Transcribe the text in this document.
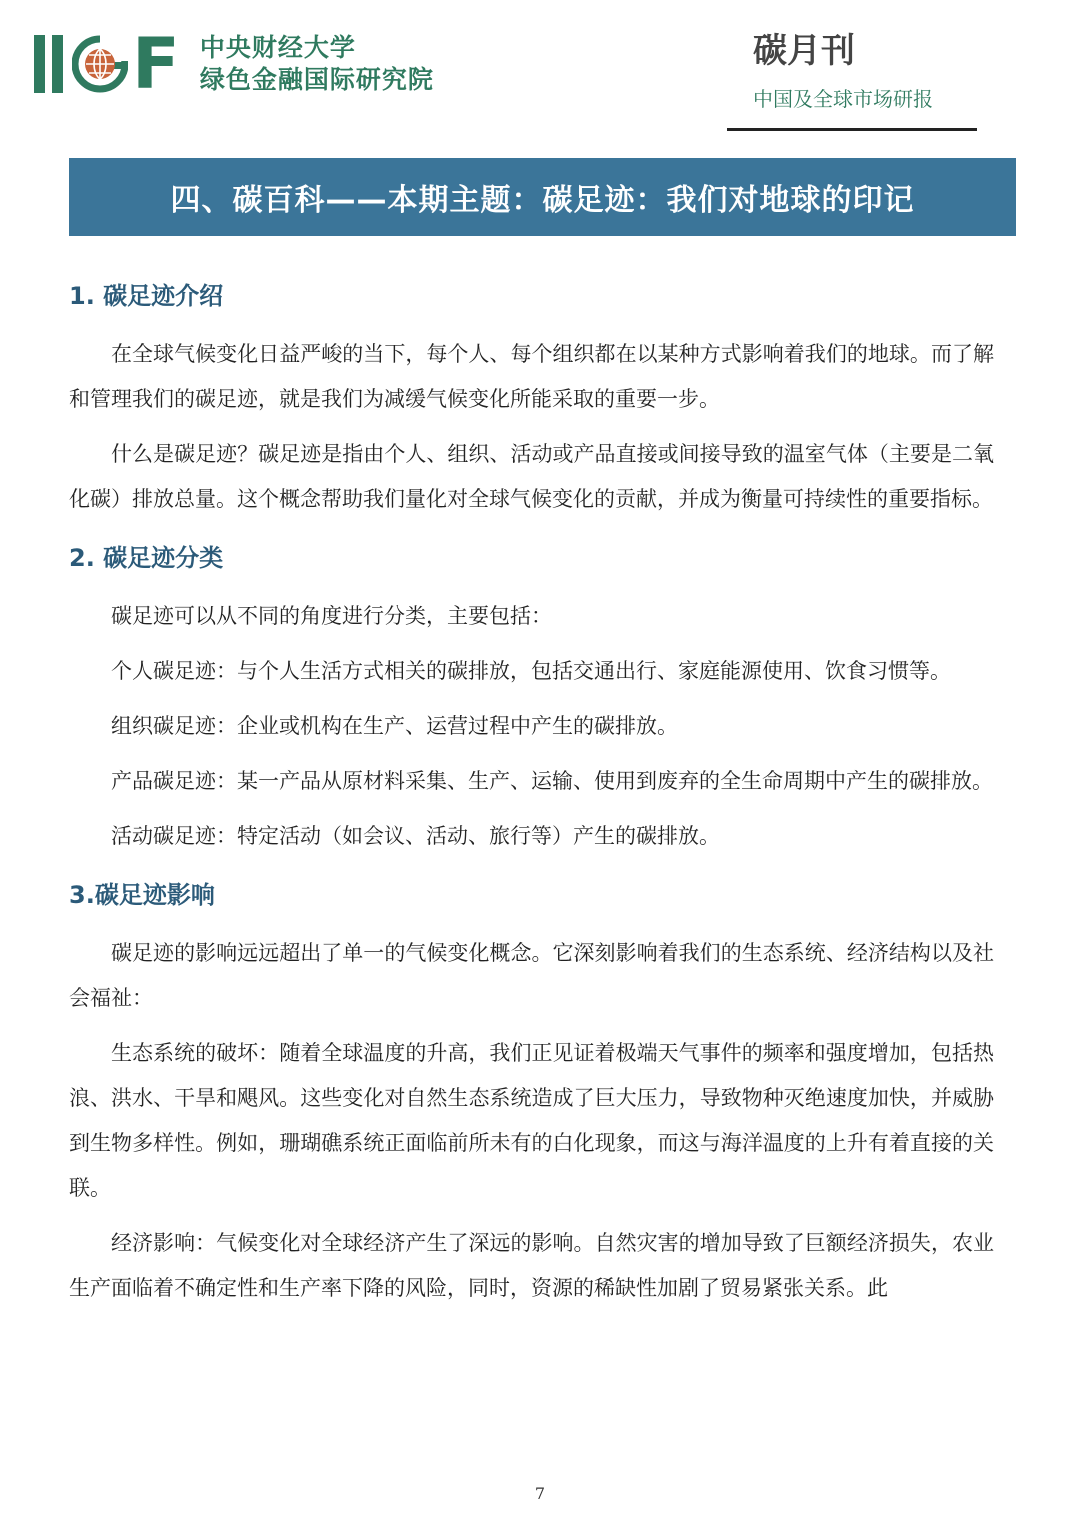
F 中央财经大学
绿色金融国际研究院
碳月刊
中国及全球市场研报
四、碳百科——本期主题：碳足迹：我们对地球的印记
1. 碳足迹介绍

在全球气候变化日益严峻的当下，每个人、每个组织都在以某种方式影响着我们的地球。而了解和管理我们的碳足迹，就是我们为减缓气候变化所能采取的重要一步。

什么是碳足迹？碳足迹是指由个人、组织、活动或产品直接或间接导致的温室气体（主要是二氧化碳）排放总量。这个概念帮助我们量化对全球气候变化的贡献，并成为衡量可持续性的重要指标。

2. 碳足迹分类

碳足迹可以从不同的角度进行分类，主要包括：

个人碳足迹：与个人生活方式相关的碳排放，包括交通出行、家庭能源使用、饮食习惯等。

组织碳足迹：企业或机构在生产、运营过程中产生的碳排放。

产品碳足迹：某一产品从原材料采集、生产、运输、使用到废弃的全生命周期中产生的碳排放。

活动碳足迹：特定活动（如会议、活动、旅行等）产生的碳排放。

3.碳足迹影响

碳足迹的影响远远超出了单一的气候变化概念。它深刻影响着我们的生态系统、经济结构以及社会福祉：

生态系统的破坏：随着全球温度的升高，我们正见证着极端天气事件的频率和强度增加，包括热浪、洪水、干旱和飓风。这些变化对自然生态系统造成了巨大压力，导致物种灭绝速度加快，并威胁到生物多样性。例如，珊瑚礁系统正面临前所未有的白化现象，而这与海洋温度的上升有着直接的关联。

经济影响：气候变化对全球经济产生了深远的影响。自然灾害的增加导致了巨额经济损失，农业生产面临着不确定性和生产率下降的风险，同时，资源的稀缺性加剧了贸易紧张关系。此

7
